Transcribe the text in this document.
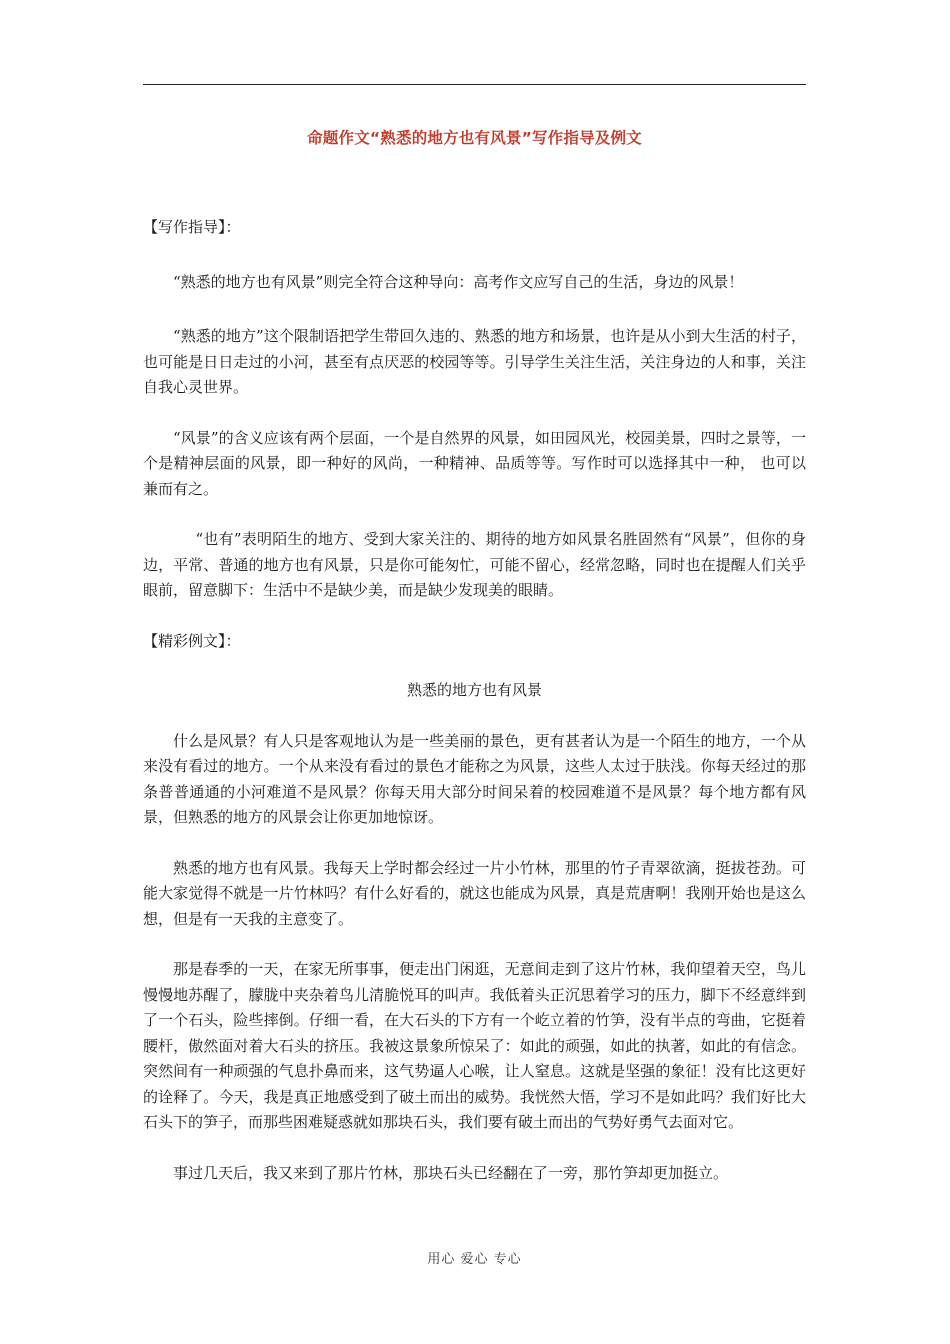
命题作文“熟悉的地方也有风景”写作指导及例文

【写作指导】：

“熟悉的地方也有风景”则完全符合这种导向：高考作文应写自己的生活，身边的风景！

“熟悉的地方”这个限制语把学生带回久违的、熟悉的地方和场景，也许是从小到大生活的村子，也可能是日日走过的小河，甚至有点厌恶的校园等等。引导学生关注生活，关注身边的人和事，关注自我心灵世界。

“风景”的含义应该有两个层面，一个是自然界的风景，如田园风光，校园美景，四时之景等，一个是精神层面的风景，即一种好的风尚，一种精神、品质等等。写作时可以选择其中一种， 也可以兼而有之。

“也有”表明陌生的地方、受到大家关注的、期待的地方如风景名胜固然有“风景”，但你的身边，平常、普通的地方也有风景，只是你可能匆忙，可能不留心，经常忽略，同时也在提醒人们关乎眼前，留意脚下：生活中不是缺少美，而是缺少发现美的眼睛。

【精彩例文】：

熟悉的地方也有风景

什么是风景？有人只是客观地认为是一些美丽的景色，更有甚者认为是一个陌生的地方，一个从来没有看过的地方。一个从来没有看过的景色才能称之为风景，这些人太过于肤浅。你每天经过的那条普普通通的小河难道不是风景？你每天用大部分时间呆着的校园难道不是风景？每个地方都有风景，但熟悉的地方的风景会让你更加地惊讶。

熟悉的地方也有风景。我每天上学时都会经过一片小竹林，那里的竹子青翠欲滴，挺拔苍劲。可能大家觉得不就是一片竹林吗？有什么好看的，就这也能成为风景，真是荒唐啊！我刚开始也是这么想，但是有一天我的主意变了。

那是春季的一天，在家无所事事，便走出门闲逛，无意间走到了这片竹林，我仰望着天空，鸟儿慢慢地苏醒了，朦胧中夹杂着鸟儿清脆悦耳的叫声。我低着头正沉思着学习的压力，脚下不经意绊到了一个石头，险些摔倒。仔细一看，在大石头的下方有一个屹立着的竹笋，没有半点的弯曲，它挺着腰杆，傲然面对着大石头的挤压。我被这景象所惊呆了：如此的顽强，如此的执著，如此的有信念。突然间有一种顽强的气息扑鼻而来，这气势逼人心喉，让人窒息。这就是坚强的象征！没有比这更好的诠释了。今天，我是真正地感受到了破土而出的威势。我恍然大悟，学习不是如此吗？我们好比大石头下的笋子，而那些困难疑惑就如那块石头，我们要有破土而出的气势好勇气去面对它。

事过几天后，我又来到了那片竹林，那块石头已经翻在了一旁，那竹笋却更加挺立。

用心 爱心 专心
